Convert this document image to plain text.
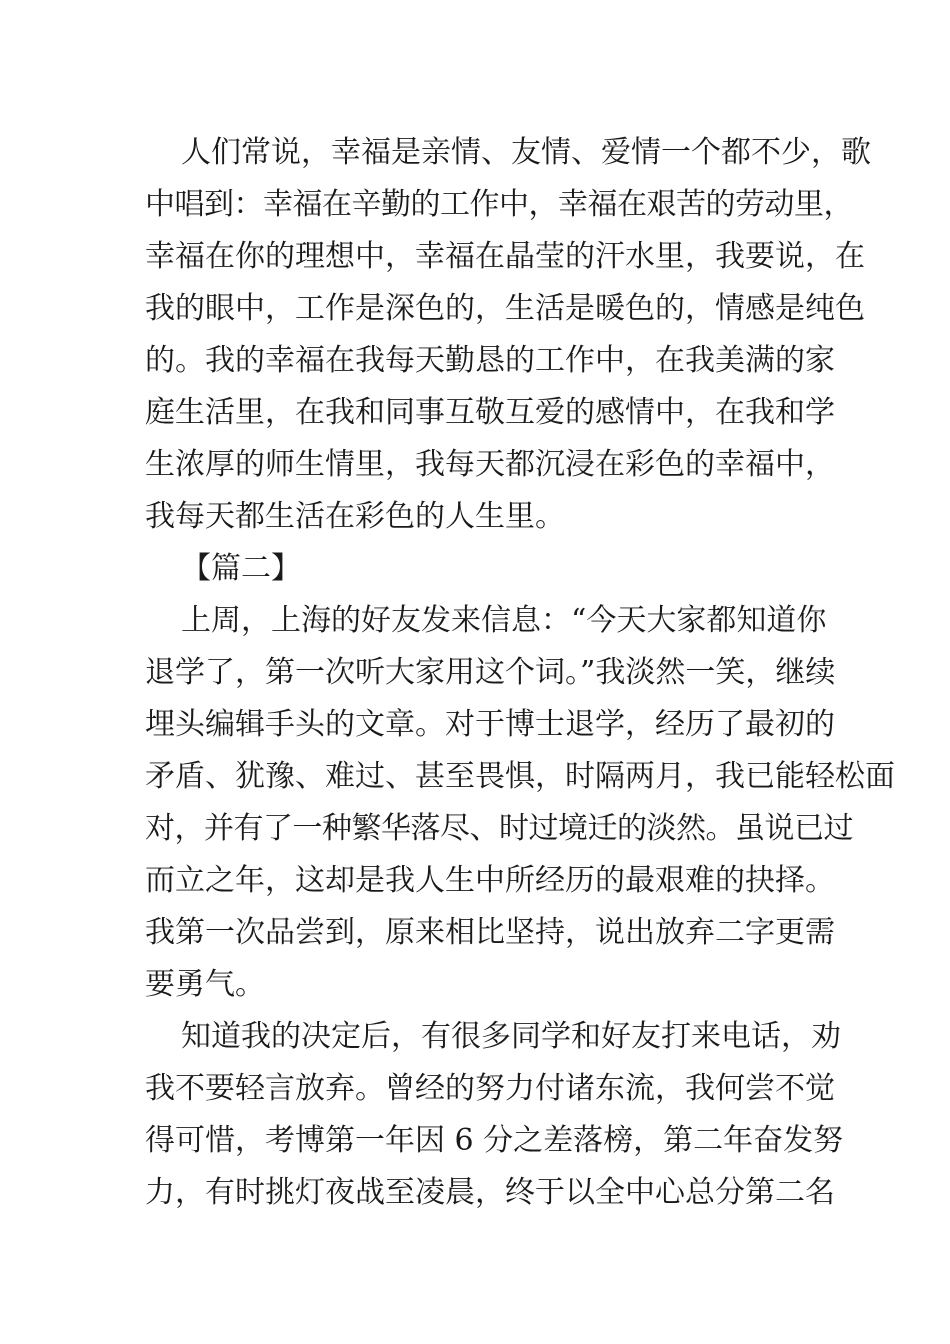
人们常说，幸福是亲情、友情、爱情一个都不少，歌
中唱到：幸福在辛勤的工作中，幸福在艰苦的劳动里，
幸福在你的理想中，幸福在晶莹的汗水里，我要说，在
我的眼中，工作是深色的，生活是暖色的，情感是纯色
的。我的幸福在我每天勤恳的工作中，在我美满的家
庭生活里，在我和同事互敬互爱的感情中，在我和学
生浓厚的师生情里，我每天都沉浸在彩色的幸福中，
我每天都生活在彩色的人生里。
【篇二】
上周，上海的好友发来信息：“今天大家都知道你
退学了，第一次听大家用这个词。”我淡然一笑，继续
埋头编辑手头的文章。对于博士退学，经历了最初的
矛盾、犹豫、难过、甚至畏惧，时隔两月，我已能轻松面
对，并有了一种繁华落尽、时过境迁的淡然。虽说已过
而立之年，这却是我人生中所经历的最艰难的抉择。
我第一次品尝到，原来相比坚持，说出放弃二字更需
要勇气。
知道我的决定后，有很多同学和好友打来电话，劝
我不要轻言放弃。曾经的努力付诸东流，我何尝不觉
得可惜，考博第一年因 6 分之差落榜，第二年奋发努
力，有时挑灯夜战至凌晨，终于以全中心总分第二名
